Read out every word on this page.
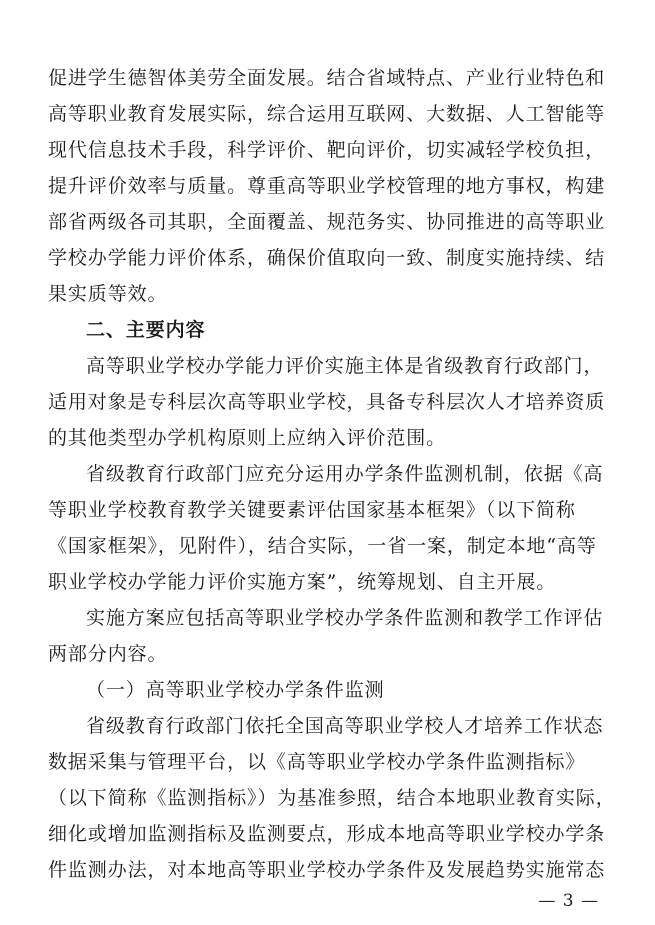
促进学生德智体美劳全面发展。结合省域特点、产业行业特色和
高等职业教育发展实际，综合运用互联网、大数据、人工智能等
现代信息技术手段，科学评价、靶向评价，切实减轻学校负担，
提升评价效率与质量。尊重高等职业学校管理的地方事权，构建
部省两级各司其职，全面覆盖、规范务实、协同推进的高等职业
学校办学能力评价体系，确保价值取向一致、制度实施持续、结
果实质等效。
二、主要内容
高等职业学校办学能力评价实施主体是省级教育行政部门，
适用对象是专科层次高等职业学校，具备专科层次人才培养资质
的其他类型办学机构原则上应纳入评价范围。
省级教育行政部门应充分运用办学条件监测机制，依据《高
等职业学校教育教学关键要素评估国家基本框架》（以下简称
《国家框架》，见附件），结合实际，一省一案，制定本地“高等
职业学校办学能力评价实施方案”，统筹规划、自主开展。
实施方案应包括高等职业学校办学条件监测和教学工作评估
两部分内容。
（一）高等职业学校办学条件监测
省级教育行政部门依托全国高等职业学校人才培养工作状态
数据采集与管理平台，以《高等职业学校办学条件监测指标》
（以下简称《监测指标》）为基准参照，结合本地职业教育实际，
细化或增加监测指标及监测要点，形成本地高等职业学校办学条
件监测办法，对本地高等职业学校办学条件及发展趋势实施常态
— 3 —
